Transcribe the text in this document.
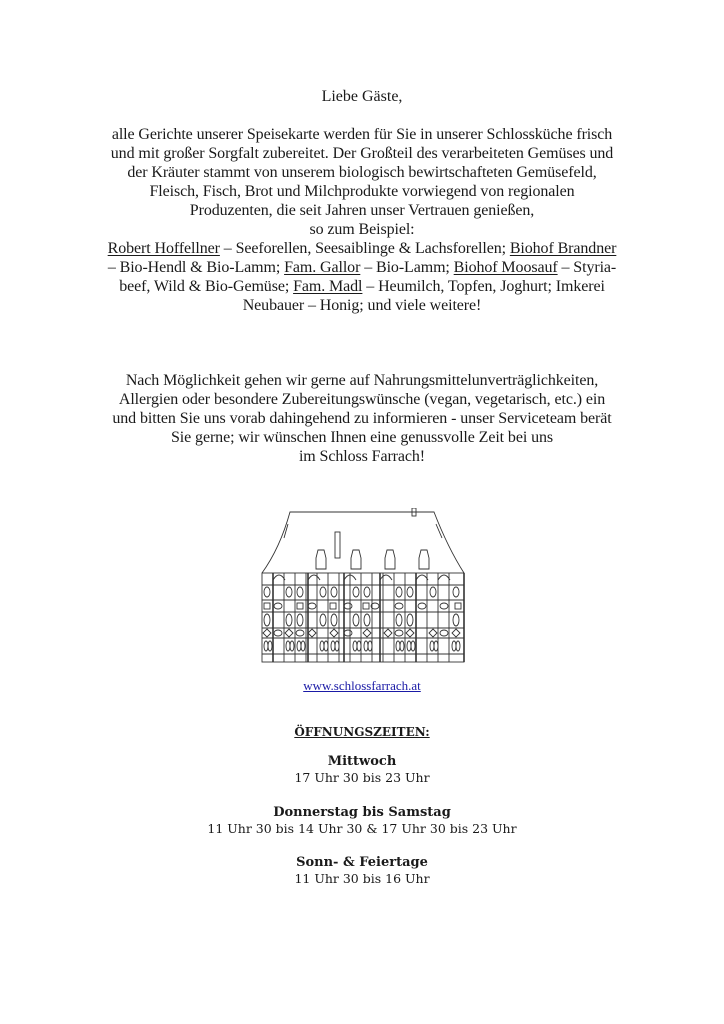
Liebe Gäste,
alle Gerichte unserer Speisekarte werden für Sie in unserer Schlossküche frisch
und mit großer Sorgfalt zubereitet. Der Großteil des verarbeiteten Gemüses und
der Kräuter stammt von unserem biologisch bewirtschafteten Gemüsefeld,
Fleisch, Fisch, Brot und Milchprodukte vorwiegend von regionalen
Produzenten, die seit Jahren unser Vertrauen genießen,
so zum Beispiel:
Robert Hoffellner – Seeforellen, Seesaiblinge & Lachsforellen; Biohof Brandner
– Bio-Hendl & Bio-Lamm; Fam. Gallor – Bio-Lamm; Biohof Moosauf – Styria-
beef, Wild & Bio-Gemüse; Fam. Madl – Heumilch, Topfen, Joghurt; Imkerei
Neubauer – Honig; und viele weitere!
Nach Möglichkeit gehen wir gerne auf Nahrungsmittelunverträglichkeiten,
Allergien oder besondere Zubereitungswünsche (vegan, vegetarisch, etc.) ein
und bitten Sie uns vorab dahingehend zu informieren - unser Serviceteam berät
Sie gerne; wir wünschen Ihnen eine genussvolle Zeit bei uns
im Schloss Farrach!
www.schlossfarrach.at
ÖFFNUNGSZEITEN:
Mittwoch
17 Uhr 30 bis 23 Uhr
Donnerstag bis Samstag
11 Uhr 30 bis 14 Uhr 30 & 17 Uhr 30 bis 23 Uhr
Sonn- & Feiertage
11 Uhr 30 bis 16 Uhr
